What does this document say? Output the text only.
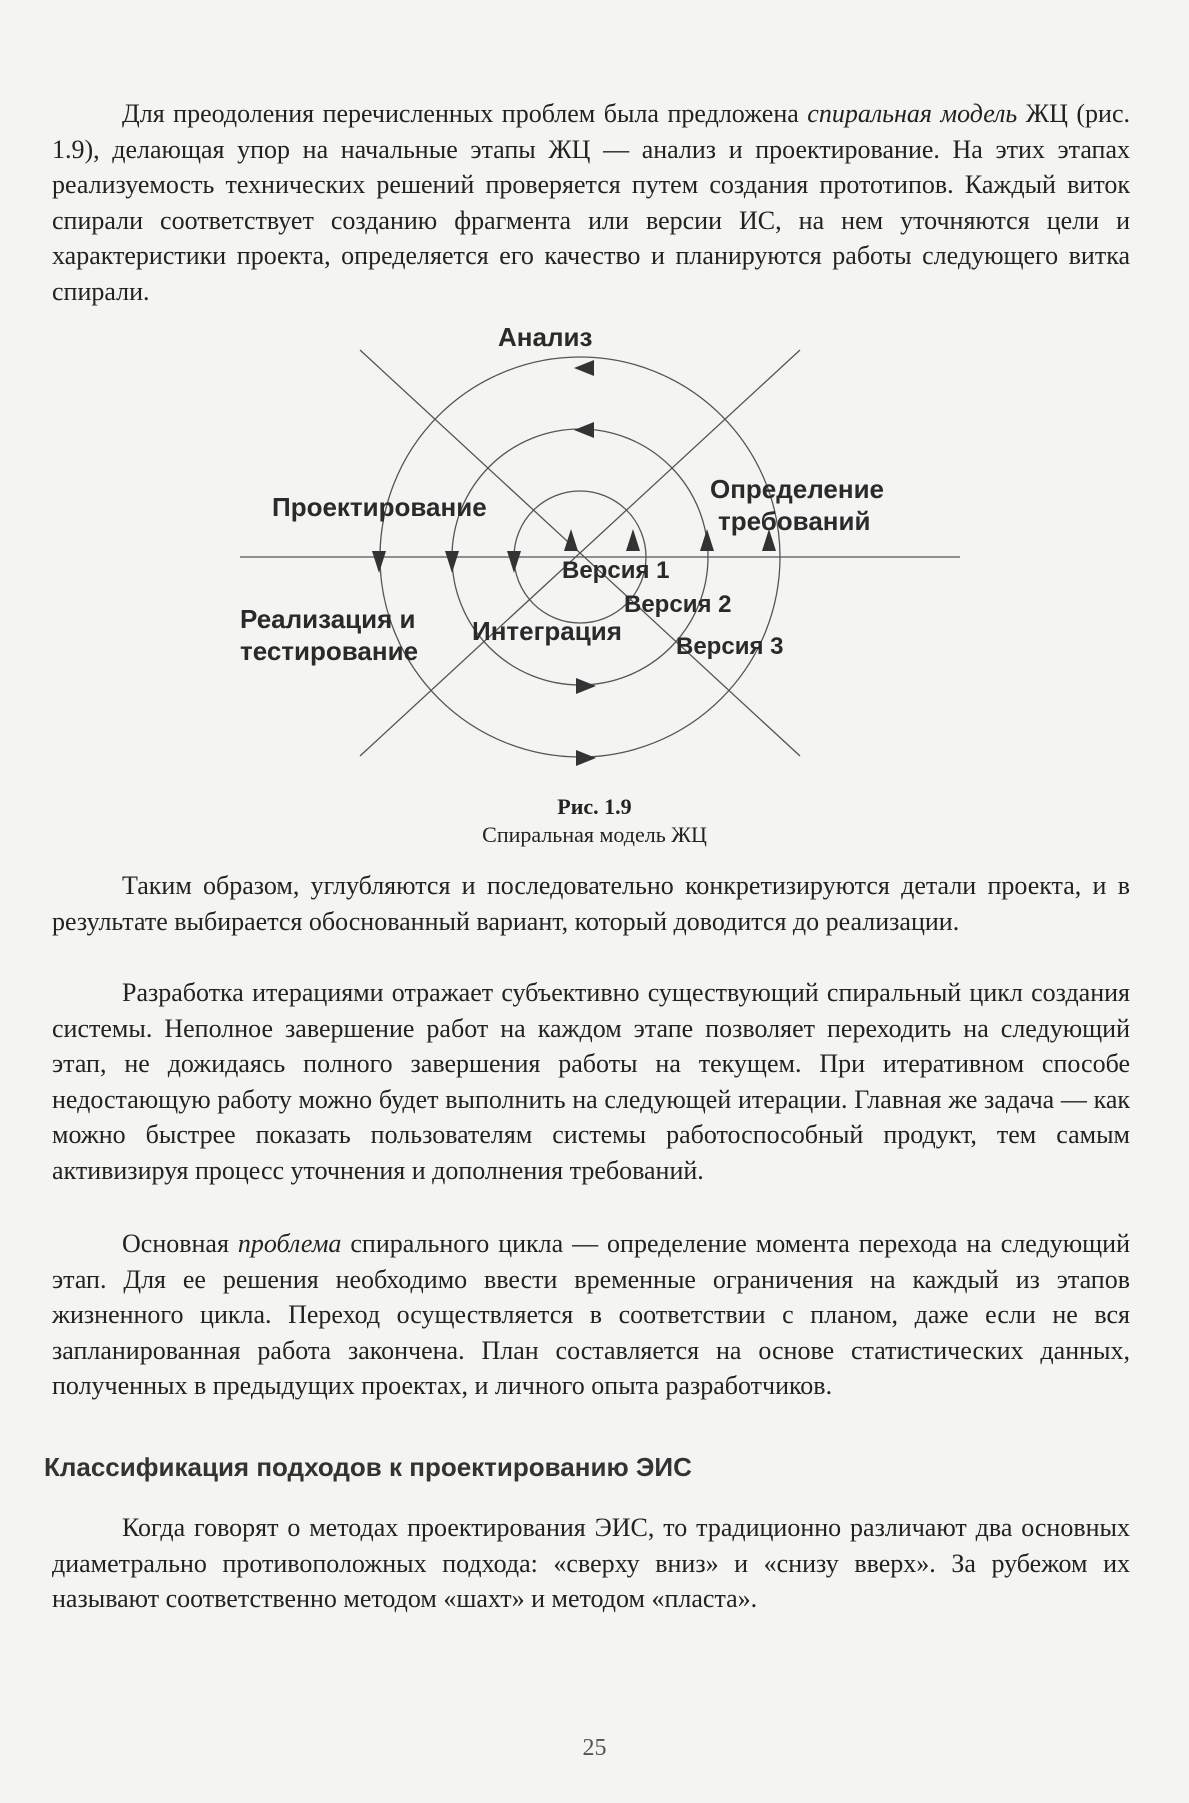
Для преодоления перечисленных проблем была предложена спиральная модель ЖЦ (рис. 1.9), делающая упор на начальные этапы ЖЦ — анализ и проектирование. На этих этапах реализуемость технических решений проверяется путем создания прототипов. Каждый виток спирали соответствует созданию фрагмента или версии ИС, на нем уточняются цели и характеристики проекта, определяется его качество и планируются работы следующего витка спирали.

Анализ
Проектирование
Определение
требований
Версия 1
Версия 2
Версия 3
Реализация и
тестирование
Интеграция
Рис. 1.9
Спиральная модель ЖЦ

Таким образом, углубляются и последовательно конкретизируются детали проекта, и в результате выбирается обоснованный вариант, который доводится до реализации.

Разработка итерациями отражает субъективно существующий спиральный цикл создания системы. Неполное завершение работ на каждом этапе позволяет переходить на следующий этап, не дожидаясь полного завершения работы на текущем. При итеративном способе недостающую работу можно будет выполнить на следующей итерации. Главная же задача — как можно быстрее показать пользователям системы работоспособный продукт, тем самым активизируя процесс уточнения и дополнения требований.

Основная проблема спирального цикла — определение момента перехода на следующий этап. Для ее решения необходимо ввести временные ограничения на каждый из этапов жизненного цикла. Переход осуществляется в соответствии с планом, даже если не вся запланированная работа закончена. План составляется на основе статистических данных, полученных в предыдущих проектах, и личного опыта разработчиков.

Классификация подходов к проектированию ЭИС

Когда говорят о методах проектирования ЭИС, то традиционно различают два основных диаметрально противоположных подхода: «сверху вниз» и «снизу вверх». За рубежом их называют соответственно методом «шахт» и методом «пласта».

25
